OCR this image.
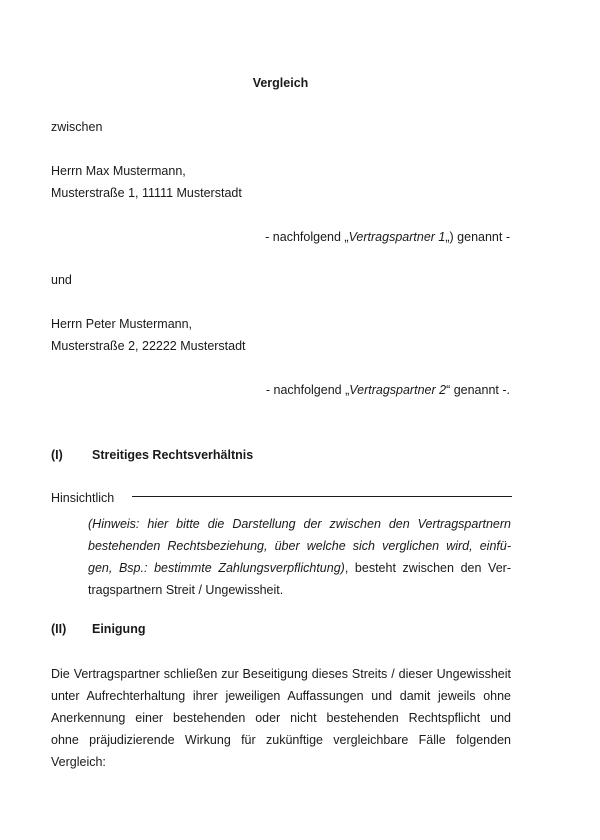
Vergleich
zwischen
Herrn Max Mustermann,
Musterstraße 1, 11111 Musterstadt
- nachfolgend „Vertragspartner 1„) genannt -
und
Herrn Peter Mustermann,
Musterstraße 2, 22222 Musterstadt
- nachfolgend „Vertragspartner 2“ genannt -.
(I) Streitiges Rechtsverhältnis
Hinsichtlich
(Hinweis: hier bitte die Darstellung der zwischen den Vertragspartnern
bestehenden Rechtsbeziehung, über welche sich verglichen wird, einfü-
gen, Bsp.: bestimmte Zahlungsverpflichtung), besteht zwischen den Ver-
tragspartnern Streit / Ungewissheit.
(II) Einigung
Die Vertragspartner schließen zur Beseitigung dieses Streits / dieser Ungewissheit
unter Aufrechterhaltung ihrer jeweiligen Auffassungen und damit jeweils ohne
Anerkennung einer bestehenden oder nicht bestehenden Rechtspflicht und
ohne präjudizierende Wirkung für zukünftige vergleichbare Fälle folgenden
Vergleich:
